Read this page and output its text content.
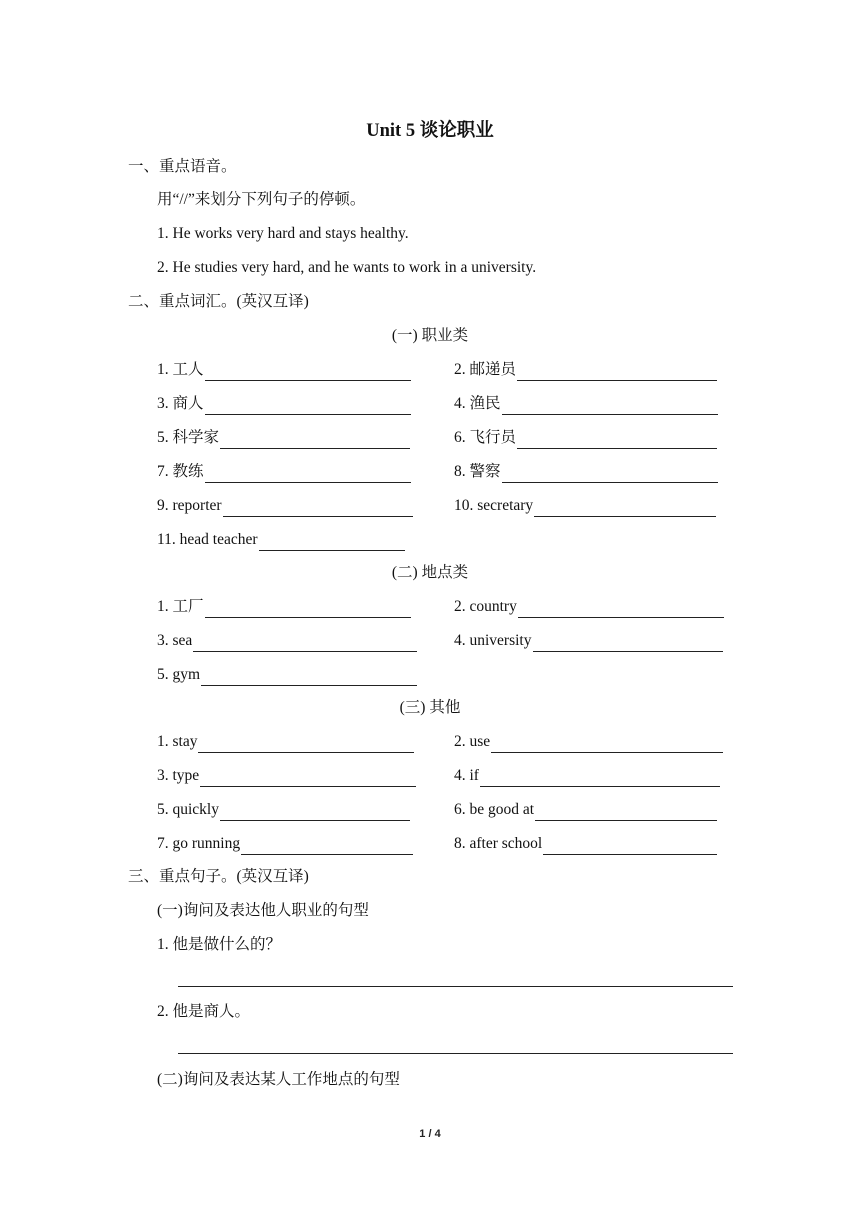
Unit 5 谈论职业
一、重点语音。
用“//”来划分下列句子的停顿。
1. He works very hard and stays healthy.
2. He studies very hard, and he wants to work in a university.
二、重点词汇。(英汉互译)
(一) 职业类
1. 工人	2. 邮递员
3. 商人	4. 渔民
5. 科学家	6. 飞行员
7. 教练	8. 警察
9. reporter	10. secretary
11. head teacher
(二) 地点类
1. 工厂	2. country
3. sea	4. university
5. gym
(三) 其他
1. stay	2. use
3. type	4. if
5. quickly	6. be good at
7. go running	8. after school
三、重点句子。(英汉互译)
(一)询问及表达他人职业的句型
1. 他是做什么的？
2. 他是商人。
(二)询问及表达某人工作地点的句型
1 / 4
